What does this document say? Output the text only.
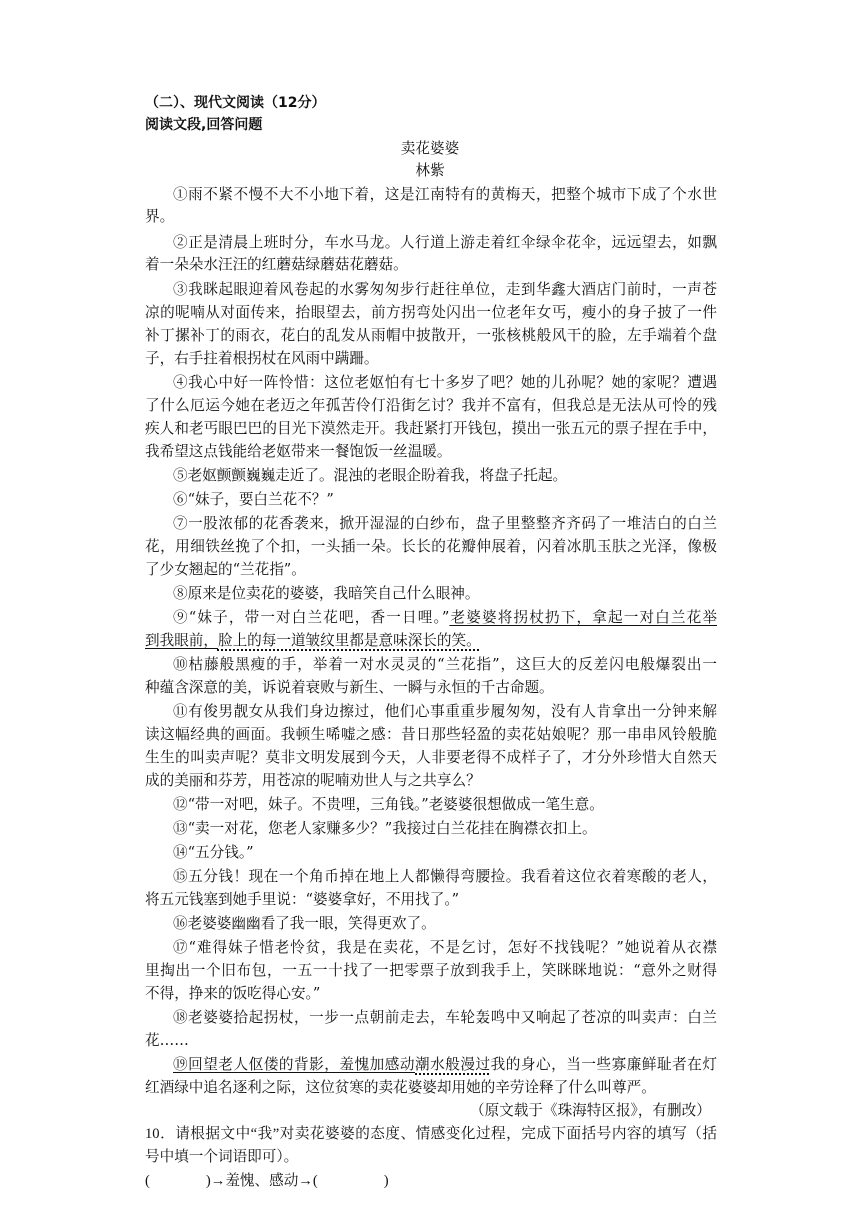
（二）、现代文阅读（12分）
阅读文段,回答问题
卖花婆婆
林紫
①雨不紧不慢不大不小地下着，这是江南特有的黄梅天，把整个城市下成了个水世
界。
②正是清晨上班时分，车水马龙。人行道上游走着红伞绿伞花伞，远远望去，如飘
着一朵朵水汪汪的红蘑菇绿蘑菇花蘑菇。
③我眯起眼迎着风卷起的水雾匆匆步行赶往单位，走到华鑫大酒店门前时，一声苍
凉的呢喃从对面传来，抬眼望去，前方拐弯处闪出一位老年女丐，瘦小的身子披了一件
补丁摞补丁的雨衣，花白的乱发从雨帽中披散开，一张核桃般风干的脸，左手端着个盘
子，右手拄着根拐杖在风雨中蹒跚。
④我心中好一阵怜惜：这位老妪怕有七十多岁了吧？她的儿孙呢？她的家呢？遭遇
了什么厄运今她在老迈之年孤苦伶仃沿街乞讨？我并不富有，但我总是无法从可怜的残
疾人和老丐眼巴巴的目光下漠然走开。我赶紧打开钱包，摸出一张五元的票子捏在手中，
我希望这点钱能给老妪带来一餐饱饭一丝温暖。
⑤老妪颤颤巍巍走近了。混浊的老眼企盼着我，将盘子托起。
⑥“妹子，要白兰花不？”
⑦一股浓郁的花香袭来，掀开湿湿的白纱布，盘子里整整齐齐码了一堆洁白的白兰
花，用细铁丝挽了个扣，一头插一朵。长长的花瓣伸展着，闪着冰肌玉肤之光泽，像极
了少女翘起的“兰花指”。
⑧原来是位卖花的婆婆，我暗笑自己什么眼神。
⑨“妹子，带一对白兰花吧，香一日哩。”老婆婆将拐杖扔下，拿起一对白兰花举
到我眼前，脸上的每一道皱纹里都是意味深长的笑。
⑩枯藤般黑瘦的手，举着一对水灵灵的“兰花指”，这巨大的反差闪电般爆裂出一
种蕴含深意的美，诉说着衰败与新生、一瞬与永恒的千古命题。
⑪有俊男靓女从我们身边擦过，他们心事重重步履匆匆，没有人肯拿出一分钟来解
读这幅经典的画面。我顿生唏嘘之感：昔日那些轻盈的卖花姑娘呢？那一串串风铃般脆
生生的叫卖声呢？莫非文明发展到今天，人非要老得不成样子了，才分外珍惜大自然天
成的美丽和芬芳，用苍凉的呢喃劝世人与之共享么？
⑫“带一对吧，妹子。不贵哩，三角钱。”老婆婆很想做成一笔生意。
⑬“卖一对花，您老人家赚多少？”我接过白兰花挂在胸襟衣扣上。
⑭“五分钱。”
⑮五分钱！现在一个角币掉在地上人都懒得弯腰捡。我看着这位衣着寒酸的老人，
将五元钱塞到她手里说：“婆婆拿好，不用找了。”
⑯老婆婆幽幽看了我一眼，笑得更欢了。
⑰“难得妹子惜老怜贫，我是在卖花，不是乞讨，怎好不找钱呢？”她说着从衣襟
里掏出一个旧布包，一五一十找了一把零票子放到我手上，笑眯眯地说：“意外之财得
不得，挣来的饭吃得心安。”
⑱老婆婆拾起拐杖，一步一点朝前走去，车轮轰鸣中又响起了苍凉的叫卖声：白兰
花……
⑲回望老人伛偻的背影，羞愧加感动潮水般漫过我的身心，当一些寡廉鲜耻者在灯
红酒绿中追名逐利之际，这位贫寒的卖花婆婆却用她的辛劳诠释了什么叫尊严。
（原文载于《珠海特区报》，有删改）
10．请根据文中“我”对卖花婆婆的态度、情感变化过程，完成下面括号内容的填写（括
号中填一个词语即可）。
(	)→羞愧、感动→(	)
